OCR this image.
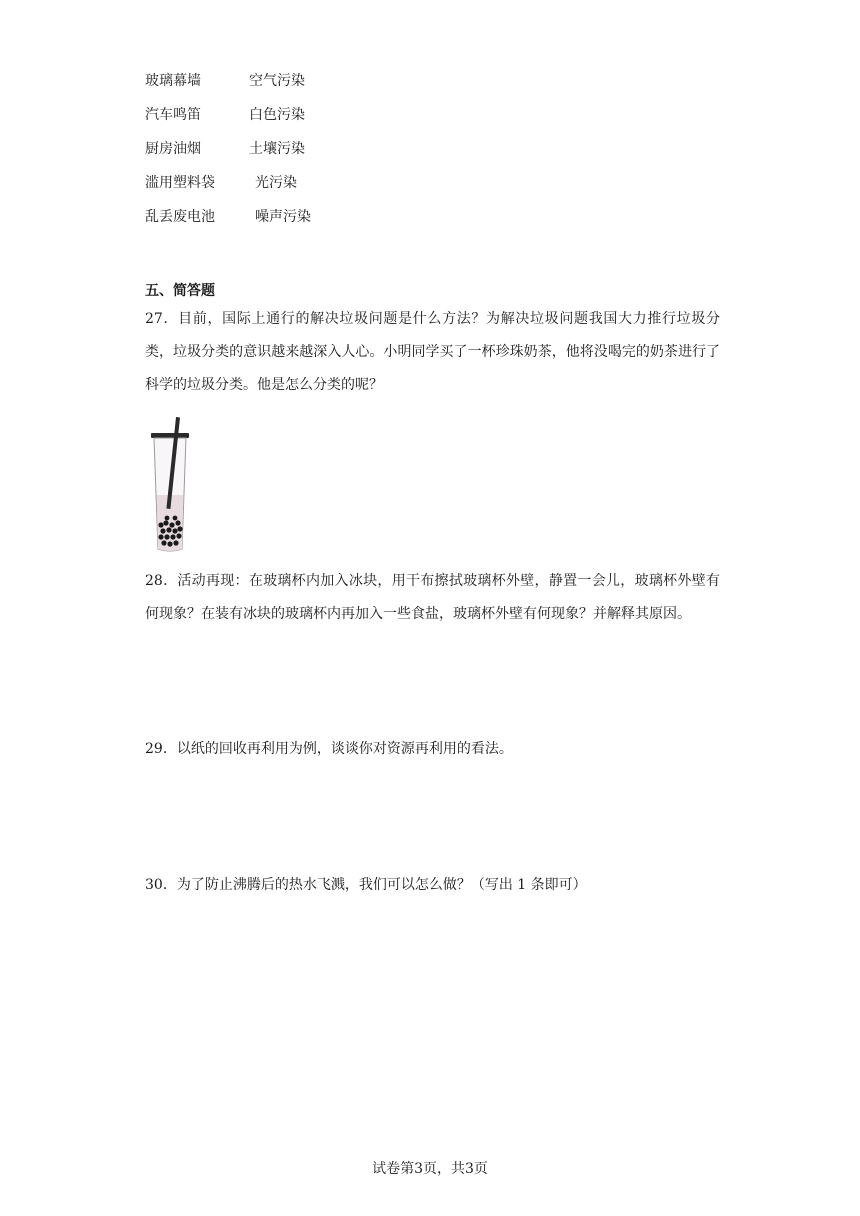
玻璃幕墙	空气污染
汽车鸣笛	白色污染
厨房油烟	土壤污染
滥用塑料袋	光污染
乱丢废电池	噪声污染
五、简答题
27．目前，国际上通行的解决垃圾问题是什么方法？为解决垃圾问题我国大力推行垃圾分类，垃圾分类的意识越来越深入人心。小明同学买了一杯珍珠奶茶，他将没喝完的奶茶进行了科学的垃圾分类。他是怎么分类的呢？
28．活动再现：在玻璃杯内加入冰块，用干布擦拭玻璃杯外壁，静置一会儿，玻璃杯外壁有何现象？在装有冰块的玻璃杯内再加入一些食盐，玻璃杯外壁有何现象？并解释其原因。
29．以纸的回收再利用为例，谈谈你对资源再利用的看法。
30．为了防止沸腾后的热水飞溅，我们可以怎么做？（写出 1 条即可）
试卷第3页，共3页
